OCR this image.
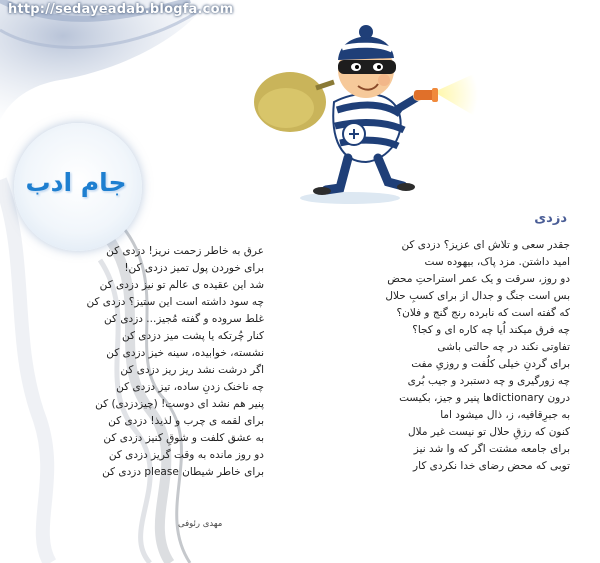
http://sedayeadab.blogfa.com
جام ادب
دزدی
جقدر سعی و تلاش ای عزیز؟ دزدی کن
امید داشتن. مزد پاک، بیهوده ست
دو روز، سرقت و یک عمر استراحتِ محض
بس است جنگ و جدال از برای کسبِ حلال
که گفته است که نابرده رنج گنج و فلان؟
چه فرق میکند اُیا چه کاره ای و کجا؟
تفاوتی نکند در چه حالتی باشی
برای گردنِ خیلی کلُفت و روزیِ مفت
چه زورگیری و چه دستبرد و جیب بُری
درون dictionaryها پنیر و جیز، بکیست
به جبرِقافیه، ز، ذال میشود اما
کنون که رزقِ حلال تو نیست غیر ملال
برای جامعه مشتت اگر که وا شد نیز
توبی که محض رضای خدا نکردی کار
عرق به خاطر زحمت نریز! دزدی کن
برای خوردن پول تمیز دزدی کن!
شد این عقیده ی عالم تو نیز دزدی کن
چه سود داشته است این ستیز؟ دزدی کن
غلط سروده و گفته مُجیز... دزدی کن
کنار چُرتکه یا پشت میز دزدی کن
نشسته، خوابیده، سینه خیز دزدی کن
اگر درشت نشد ریز ریز دزدی کن
چه ناخنک زدنِ ساده، تیز دزدی کن
پنیر هم نشد ای دوست! (چیزدزدی) کن
برای لقمه ی چرب و لذیذ! دزدی کن
به عشق کلفت و شوقِ کنیز دزدی کن
دو روز مانده به وقت گریز دزدی کن
برای خاطر شیطان please دزدی کن
مهدی رئوفی
